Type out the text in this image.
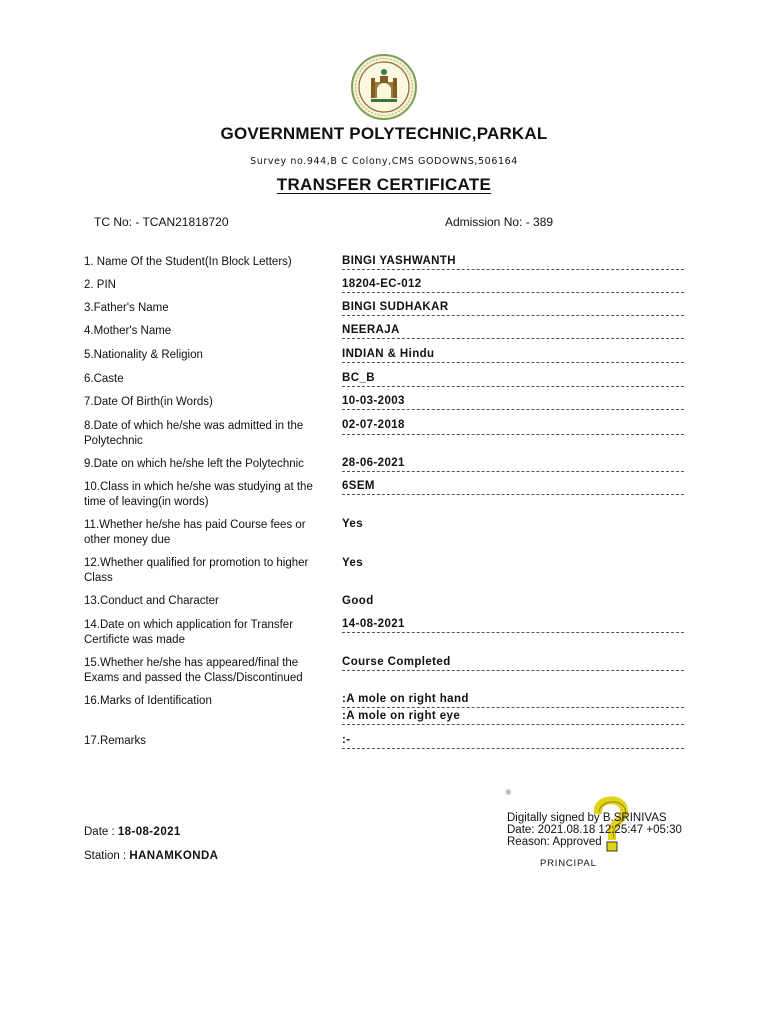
GOVERNMENT POLYTECHNIC,PARKAL
Survey no.944,B C Colony,CMS GODOWNS,506164
TRANSFER CERTIFICATE
TC No: - TCAN21818720	Admission No: - 389
1. Name Of the Student(In Block Letters)	BINGI YASHWANTH
2. PIN	18204-EC-012
3.Father's Name	BINGI SUDHAKAR
4.Mother's Name	NEERAJA
5.Nationality & Religion	INDIAN & Hindu
6.Caste	BC_B
7.Date Of Birth(in Words)	10-03-2003
8.Date of which he/she was admitted in the Polytechnic
02-07-2018
9.Date on which he/she left the Polytechnic	28-06-2021
10.Class in which he/she was studying at the time of leaving(in words)
6SEM
11.Whether he/she has paid Course fees or other money due
Yes
12.Whether qualified for promotion to higher Class
Yes
13.Conduct and Character	Good
14.Date on which application for Transfer Certificte was made
14-08-2021
15.Whether he/she has appeared/final the Exams and passed the Class/Discontinued
Course Completed
16.Marks of Identification	:A mole on right hand
:A mole on right eye
17.Remarks	:-
Date : 18-08-2021
Station : HANAMKONDA
※
Digitally signed by B.SRINIVAS
Date: 2021.08.18 12:25:47 +05:30
Reason: Approved
PRINCIPAL
